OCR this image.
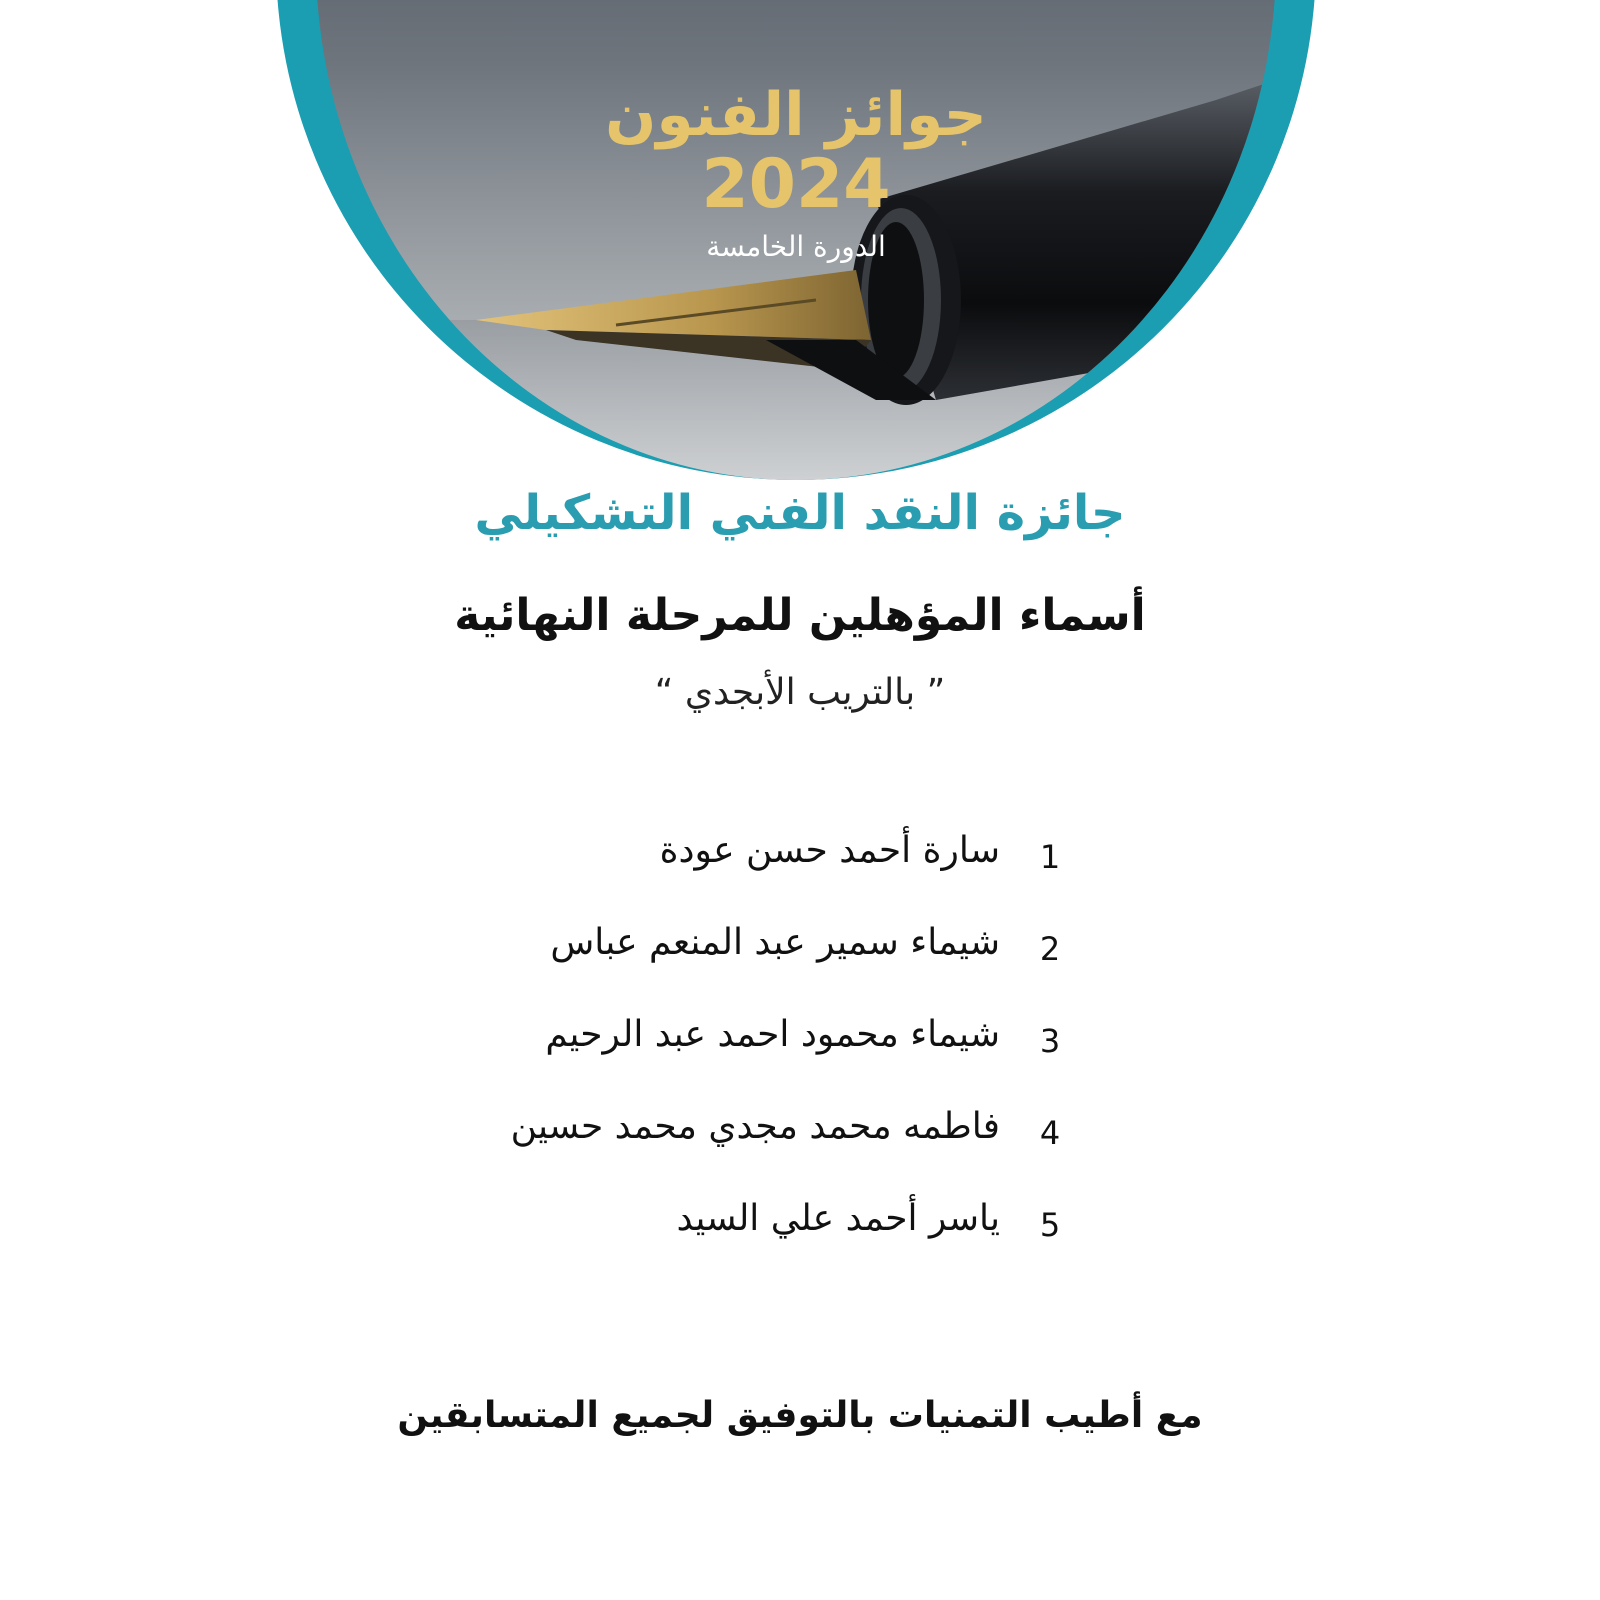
جوائز الفنون
2024
الدورة الخامسة
جائزة النقد الفني التشكيلي
أسماء المؤهلين للمرحلة النهائية
” بالتريب الأبجدي “
1
سارة أحمد حسن عودة
2
شيماء سمير عبد المنعم عباس
3
شيماء محمود احمد عبد الرحيم
4
فاطمه محمد مجدي محمد حسين
5
ياسر أحمد علي السيد
مع أطيب التمنيات بالتوفيق لجميع المتسابقين
